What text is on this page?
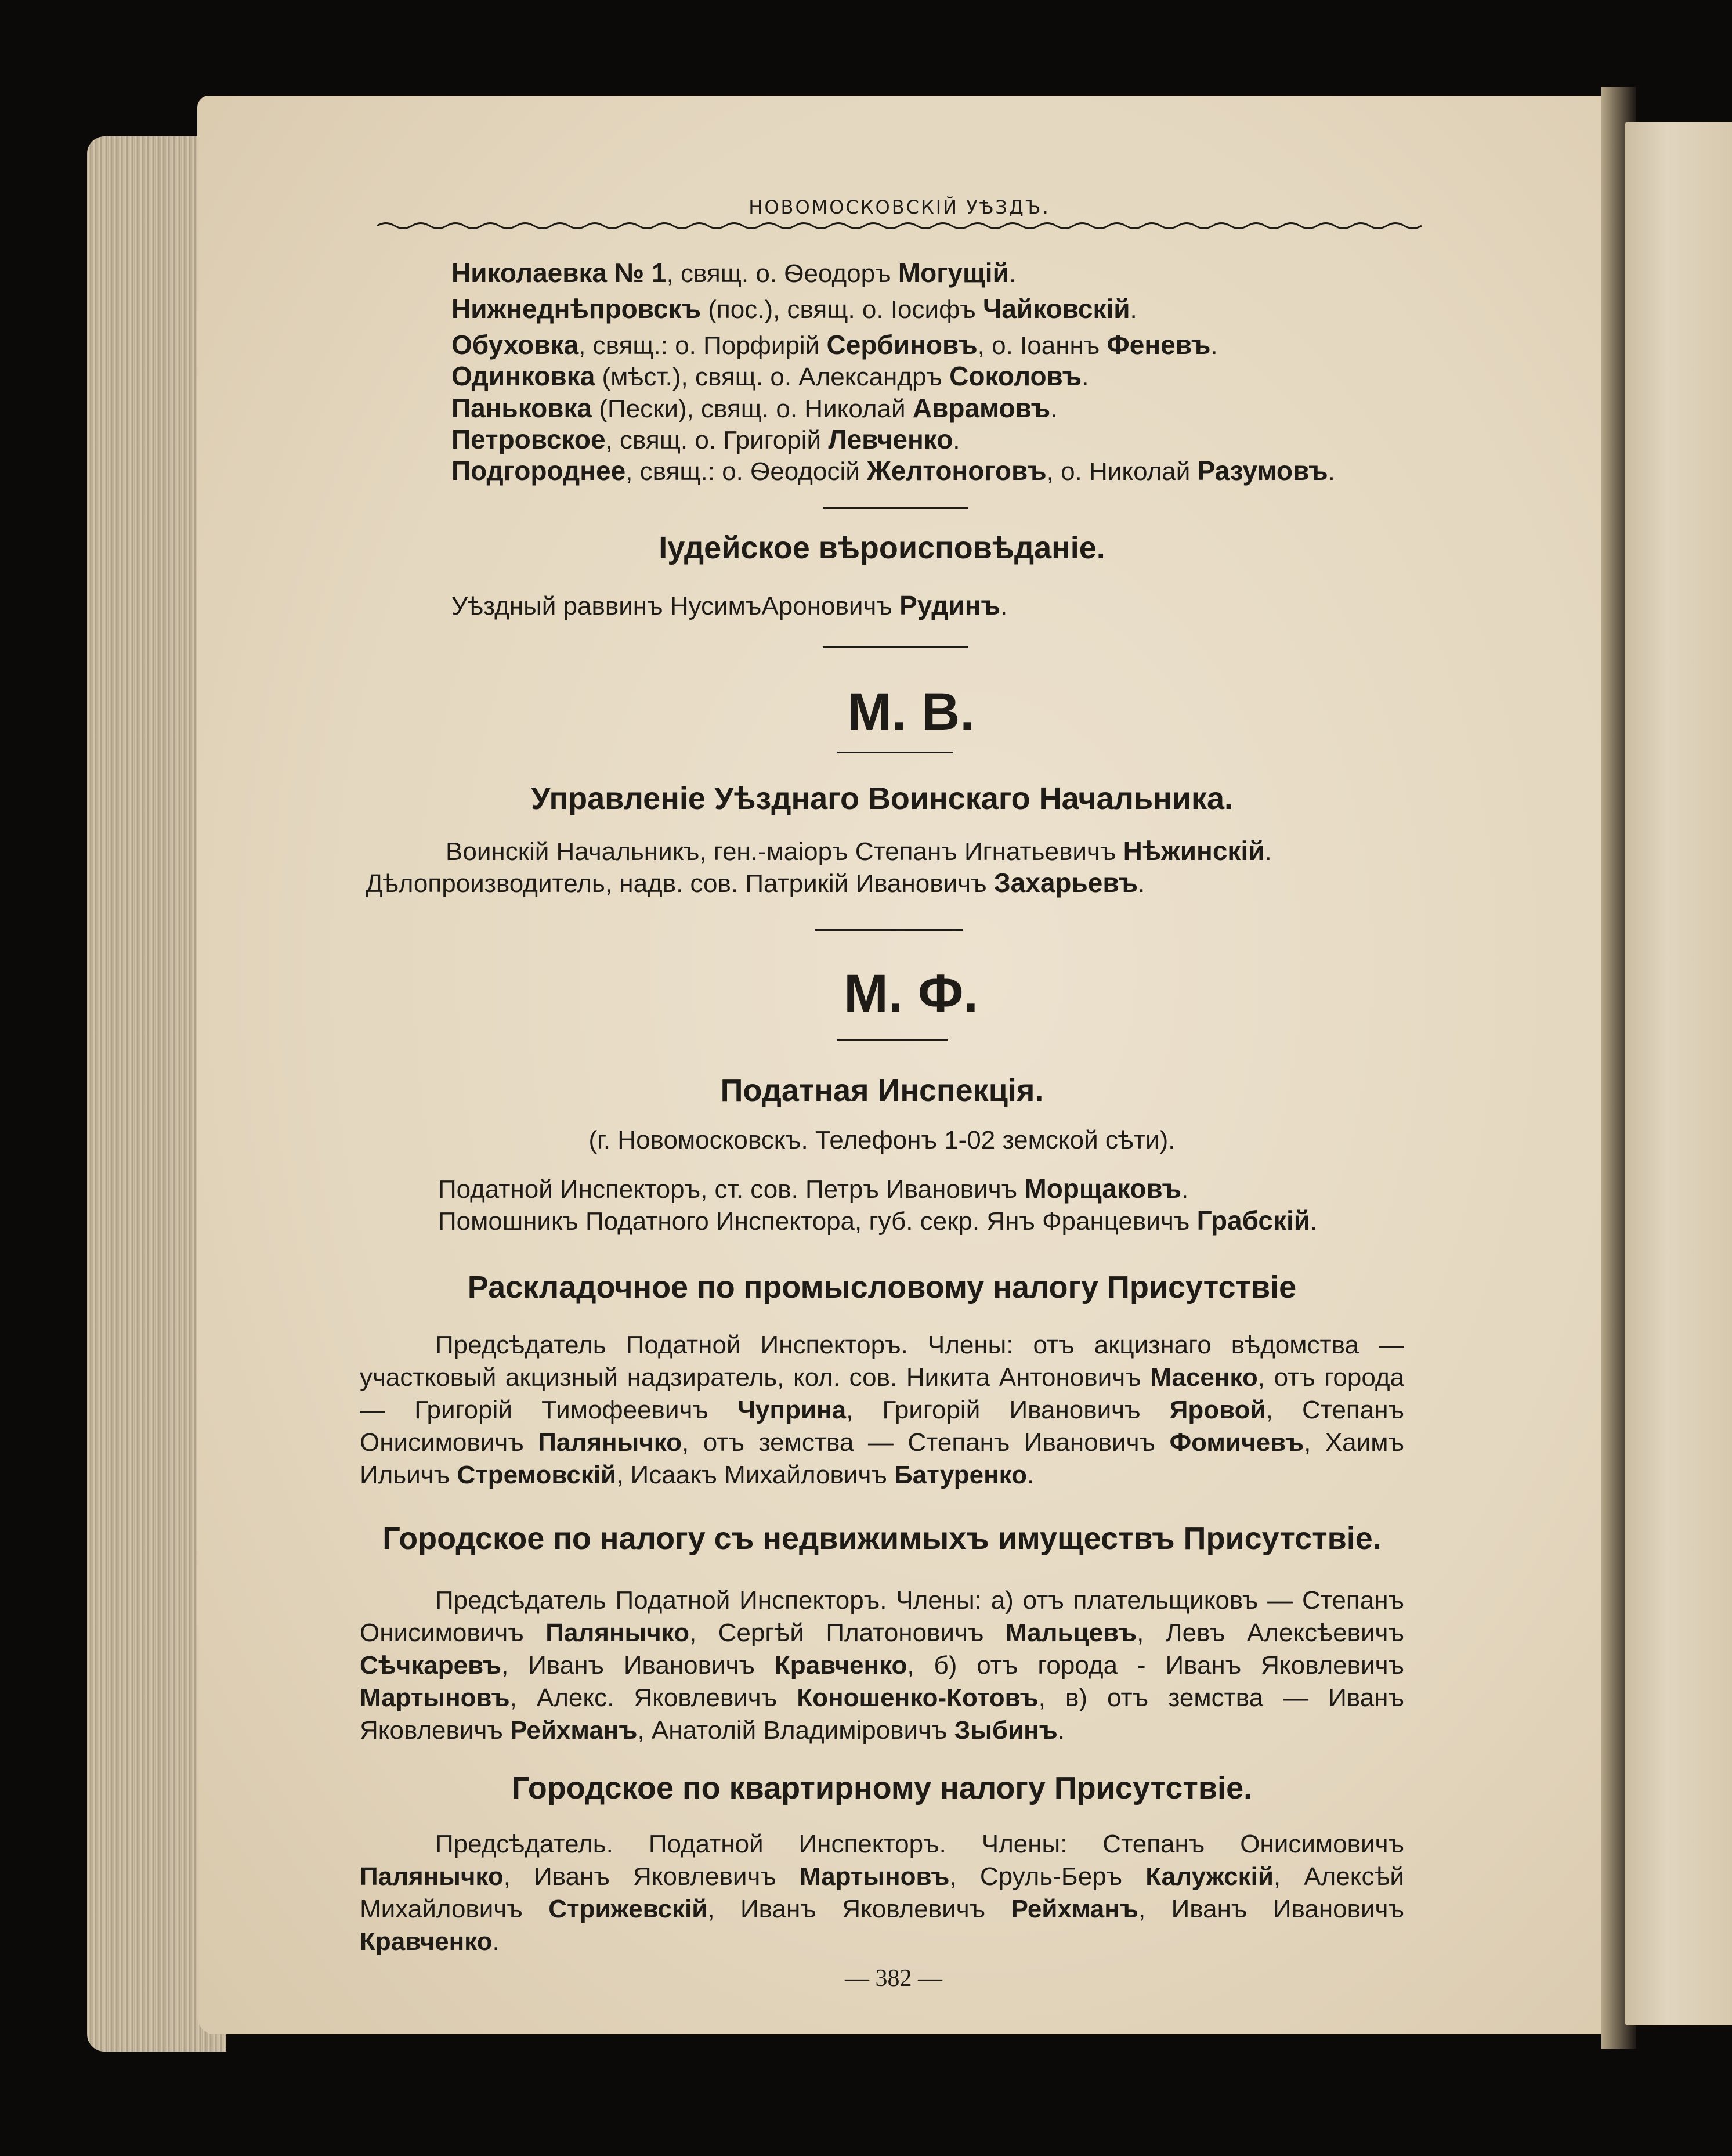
НОВОМОСКОВСКІЙ УѢЗДЪ.
Николаевка № 1, свящ. о. Ѳеодоръ Могущій.
Нижнеднѣпровскъ (пос.), свящ. о. Іосифъ Чайковскій.
Обуховка, свящ.: о. Порфирій Сербиновъ, о. Іоаннъ Феневъ.
Одинковка (мѣст.), свящ. о. Александръ Соколовъ.
Паньковка (Пески), свящ. о. Николай Аврамовъ.
Петровское, свящ. о. Григорій Левченко.
Подгороднее, свящ.: о. Ѳеодосій Желтоноговъ, о. Николай Разумовъ.
Іудейское вѣроисповѣданіе.
Уѣздный раввинъ НусимъАроновичъ Рудинъ.
М. В.
Управленіе Уѣзднаго Воинскаго Начальника.
Воинскій Начальникъ, ген.-маіоръ Степанъ Игнатьевичъ Нѣжинскій.
Дѣлопроизводитель, надв. сов. Патрикій Ивановичъ Захарьевъ.
М. Ф.
Податная Инспекція.
(г. Новомосковскъ. Телефонъ 1-02 земской сѣти).
Податной Инспекторъ, ст. сов. Петръ Ивановичъ Морщаковъ.
Помошникъ Податного Инспектора, губ. секр. Янъ Францевичъ Грабскій.
Раскладочное по промысловому налогу Присутствіе
Предсѣдатель Податной Инспекторъ. Члены: отъ акцизнаго вѣдомства — участковый акцизный надзиратель, кол. сов. Никита Антоновичъ Масенко, отъ города — Григорій Тимофеевичъ Чуприна, Григорій Ивановичъ Яровой, Степанъ Онисимовичъ Палянычко, отъ земства — Степанъ Ивановичъ Фомичевъ, Хаимъ Ильичъ Стремовскій, Исаакъ Михайловичъ Батуренко.
Городское по налогу съ недвижимыхъ имуществъ Присутствіе.
Предсѣдатель Податной Инспекторъ. Члены: а) отъ плательщиковъ — Степанъ Онисимовичъ Палянычко, Сергѣй Платоновичъ Мальцевъ, Левъ Алексѣевичъ Сѣчкаревъ, Иванъ Ивановичъ Кравченко, б) отъ города - Иванъ Яковлевичъ Мартыновъ, Алекс. Яковлевичъ Коношенко-Котовъ, в) отъ земства — Иванъ Яковлевичъ Рейхманъ, Анатолій Владиміровичъ Зыбинъ.
Городское по квартирному налогу Присутствіе.
Предсѣдатель. Податной Инспекторъ. Члены: Степанъ Онисимовичъ Палянычко, Иванъ Яковлевичъ Мартыновъ, Сруль-Беръ Калужскій, Алексѣй Михайловичъ Стрижевскій, Иванъ Яковлевичъ Рейхманъ, Иванъ Ивановичъ Кравченко.
— 382 —
